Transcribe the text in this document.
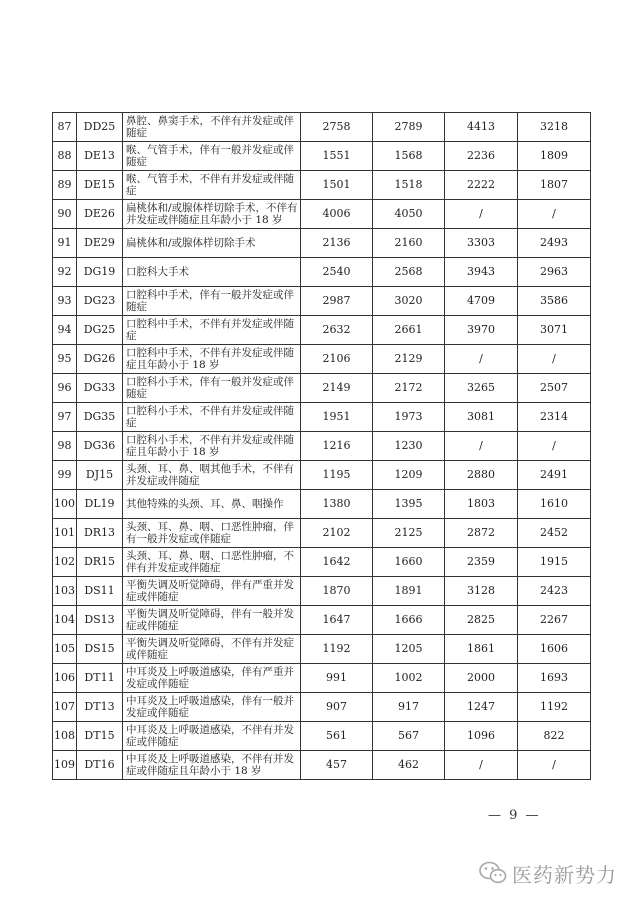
87	DD25	鼻腔、鼻窦手术，不伴有并发症或伴随症	2758	2789	4413	3218
88	DE13	喉、气管手术，伴有一般并发症或伴随症	1551	1568	2236	1809
89	DE15	喉、气管手术，不伴有并发症或伴随症	1501	1518	2222	1807
90	DE26	扁桃体和/或腺体样切除手术，不伴有并发症或伴随症且年龄小于 18 岁	4006	4050	/	/
91	DE29	扁桃体和/或腺体样切除手术	2136	2160	3303	2493
92	DG19	口腔科大手术	2540	2568	3943	2963
93	DG23	口腔科中手术，伴有一般并发症或伴随症	2987	3020	4709	3586
94	DG25	口腔科中手术，不伴有并发症或伴随症	2632	2661	3970	3071
95	DG26	口腔科中手术，不伴有并发症或伴随症且年龄小于 18 岁	2106	2129	/	/
96	DG33	口腔科小手术，伴有一般并发症或伴随症	2149	2172	3265	2507
97	DG35	口腔科小手术，不伴有并发症或伴随症	1951	1973	3081	2314
98	DG36	口腔科小手术，不伴有并发症或伴随症且年龄小于 18 岁	1216	1230	/	/
99	DJ15	头颈、耳、鼻、咽其他手术，不伴有并发症或伴随症	1195	1209	2880	2491
100	DL19	其他特殊的头颈、耳、鼻、咽操作	1380	1395	1803	1610
101	DR13	头颈、耳、鼻、咽、口恶性肿瘤，伴有一般并发症或伴随症	2102	2125	2872	2452
102	DR15	头颈、耳、鼻、咽、口恶性肿瘤，不伴有并发症或伴随症	1642	1660	2359	1915
103	DS11	平衡失调及听觉障碍，伴有严重并发症或伴随症	1870	1891	3128	2423
104	DS13	平衡失调及听觉障碍，伴有一般并发症或伴随症	1647	1666	2825	2267
105	DS15	平衡失调及听觉障碍，不伴有并发症或伴随症	1192	1205	1861	1606
106	DT11	中耳炎及上呼吸道感染，伴有严重并发症或伴随症	991	1002	2000	1693
107	DT13	中耳炎及上呼吸道感染，伴有一般并发症或伴随症	907	917	1247	1192
108	DT15	中耳炎及上呼吸道感染，不伴有并发症或伴随症	561	567	1096	822
109	DT16	中耳炎及上呼吸道感染，不伴有并发症或伴随症且年龄小于 18 岁	457	462	/	/
— 9 —
医药新势力
